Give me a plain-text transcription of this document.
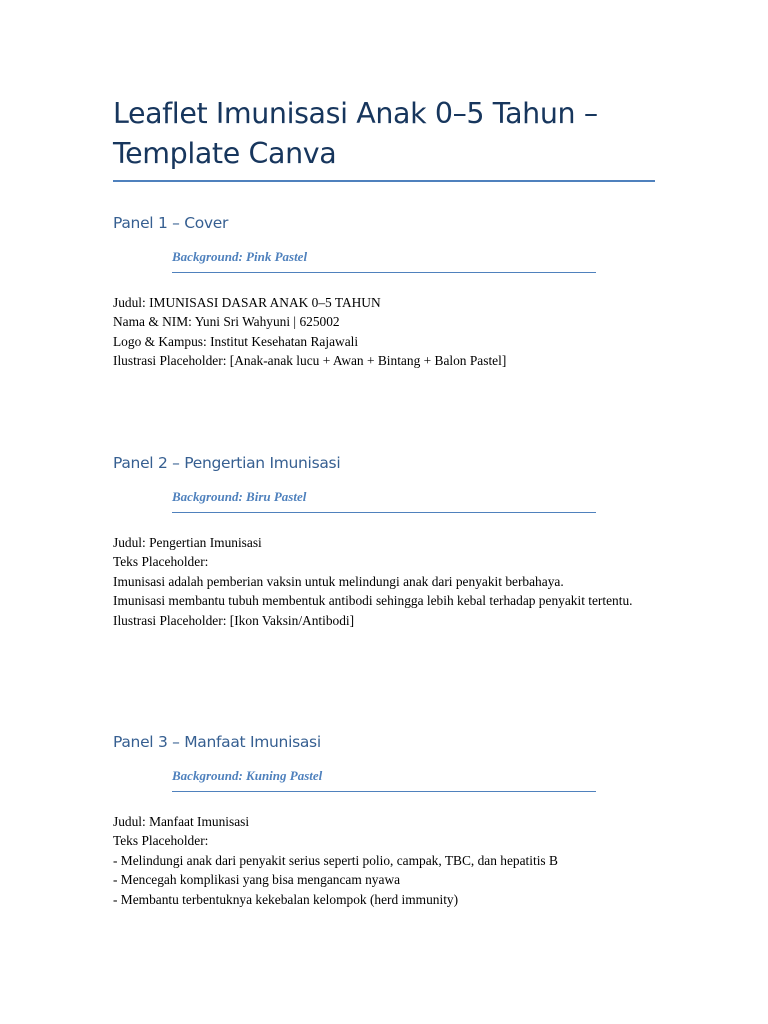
Leaflet Imunisasi Anak 0–5 Tahun – Template Canva
Panel 1 – Cover

Background: Pink Pastel

Judul: IMUNISASI DASAR ANAK 0–5 TAHUN
Nama & NIM: Yuni Sri Wahyuni | 625002
Logo & Kampus: Institut Kesehatan Rajawali
Ilustrasi Placeholder: [Anak-anak lucu + Awan + Bintang + Balon Pastel]
Panel 2 – Pengertian Imunisasi

Background: Biru Pastel

Judul: Pengertian Imunisasi
Teks Placeholder:
Imunisasi adalah pemberian vaksin untuk melindungi anak dari penyakit berbahaya.
Imunisasi membantu tubuh membentuk antibodi sehingga lebih kebal terhadap penyakit tertentu.
Ilustrasi Placeholder: [Ikon Vaksin/Antibodi]
Panel 3 – Manfaat Imunisasi

Background: Kuning Pastel

Judul: Manfaat Imunisasi
Teks Placeholder:
- Melindungi anak dari penyakit serius seperti polio, campak, TBC, dan hepatitis B
- Mencegah komplikasi yang bisa mengancam nyawa
- Membantu terbentuknya kekebalan kelompok (herd immunity)
